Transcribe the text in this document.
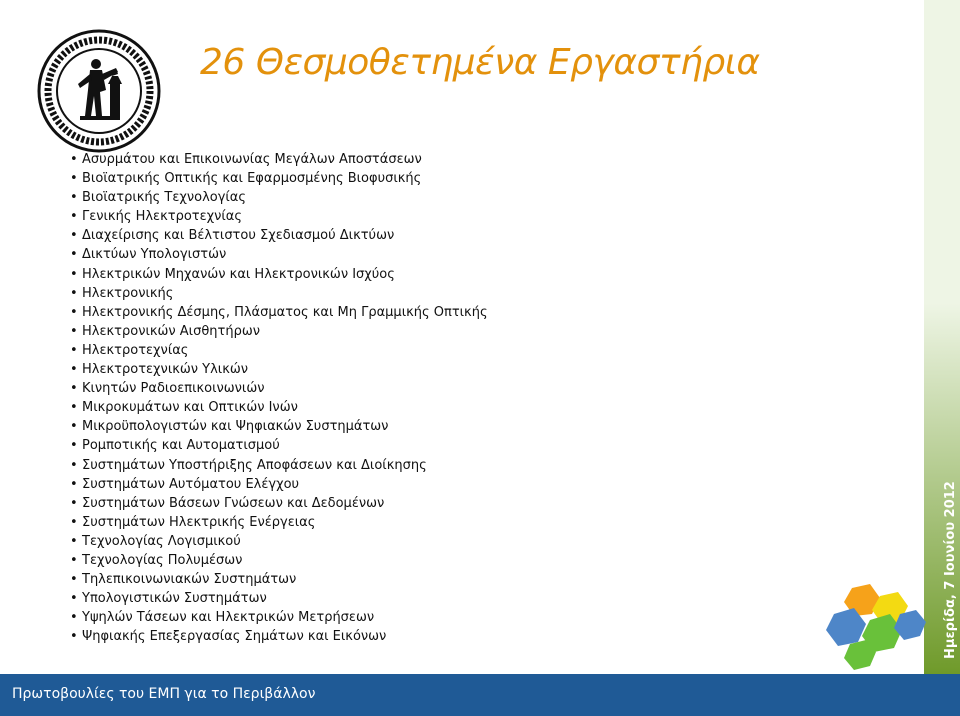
26 Θεσμοθετημένα Εργαστήρια
• Ασυρμάτου και Επικοινωνίας Μεγάλων Αποστάσεων
• Βιοϊατρικής Οπτικής και Εφαρμοσμένης Βιοφυσικής
• Βιοϊατρικής Τεχνολογίας
• Γενικής Ηλεκτροτεχνίας
• Διαχείρισης και Βέλτιστου Σχεδιασμού Δικτύων
• Δικτύων Υπολογιστών
• Ηλεκτρικών Μηχανών και Ηλεκτρονικών Ισχύος
• Ηλεκτρονικής
• Ηλεκτρονικής Δέσμης, Πλάσματος και Μη Γραμμικής Οπτικής
• Ηλεκτρονικών Αισθητήρων
• Ηλεκτροτεχνίας
• Ηλεκτροτεχνικών Υλικών
• Κινητών Ραδιοεπικοινωνιών
• Μικροκυμάτων και Οπτικών Ινών
• Μικροϋπολογιστών και Ψηφιακών Συστημάτων
• Ρομποτικής και Αυτοματισμού
• Συστημάτων Υποστήριξης Αποφάσεων και Διοίκησης
• Συστημάτων Αυτόματου Ελέγχου
• Συστημάτων Βάσεων Γνώσεων και Δεδομένων
• Συστημάτων Ηλεκτρικής Ενέργειας
• Τεχνολογίας Λογισμικού
• Τεχνολογίας Πολυμέσων
• Τηλεπικοινωνιακών Συστημάτων
• Υπολογιστικών Συστημάτων
• Υψηλών Τάσεων και Ηλεκτρικών Μετρήσεων
• Ψηφιακής Επεξεργασίας Σημάτων και Εικόνων	Ημερίδα, 7 Ιουνίου 2012
Πρωτοβουλίες του ΕΜΠ για το Περιβάλλον
